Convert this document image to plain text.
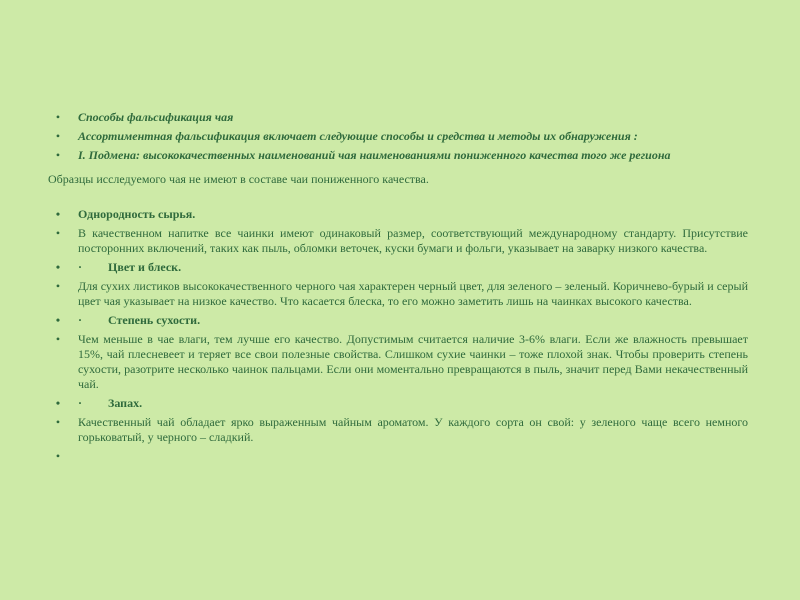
•	Способы фальсификация чая
•	Ассортиментная фальсификация включает следующие способы и средства и методы их обнаружения :
•	I. Подмена: высококачественных наименований чая наименованиями пониженного качества того же региона
Образцы исследуемого чая не имеют в составе чаи пониженного качества.
•	Однородность сырья.
•	В качественном напитке все чаинки имеют одинаковый размер, соответствующий международному стандарту. Присутствие посторонних включений, таких как пыль, обломки веточек, куски бумаги и фольги, указывает на заварку низкого качества.
•	· Цвет и блеск.
•	Для сухих листиков высококачественного черного чая характерен черный цвет, для зеленого – зеленый. Коричнево-бурый и серый цвет чая указывает на низкое качество. Что касается блеска, то его можно заметить лишь на чаинках высокого качества.
•	· Степень сухости.
•	Чем меньше в чае влаги, тем лучше его качество. Допустимым считается наличие 3-6% влаги. Если же влажность превышает 15%, чай плесневеет и теряет все свои полезные свойства. Слишком сухие чаинки – тоже плохой знак. Чтобы проверить степень сухости, разотрите несколько чаинок пальцами. Если они моментально превращаются в пыль, значит перед Вами некачественный чай.
•	· Запах.
•	Качественный чай обладает ярко выраженным чайным ароматом. У каждого сорта он свой: у зеленого чаще всего немного горьковатый, у черного – сладкий.
•
